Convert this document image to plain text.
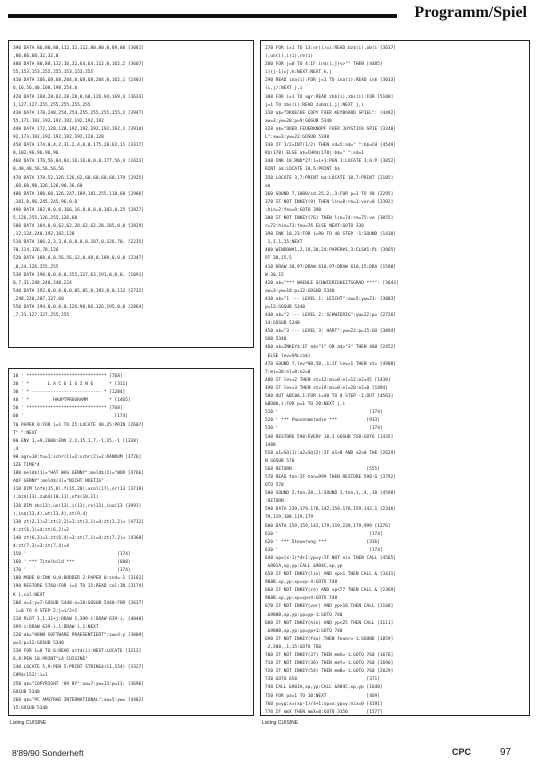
Programm/Spiel
390 DATA 86,80,80,112,32,112,80,80,0,89,80 [3081]
,80,80,60,32,32,0
400 DATA 80,80,112,16,32,64,64,112,0,165,2 [3607]
55,153,153,255,255,153,153,255
410 DATA 166,68,68,204,0,68,68,204,0,165,1 [2483]
6,16,56,40,108,198,254,0
420 DATA 168,28,62,28,28,8,60,126,94,169,3 [3633]
1,127,127,255,255,255,255,255
430 DATA 170,248,254,254,255,255,255,255,2 [3947]
55,171,192,192,192,192,192,192,192
440 DATA 172,128,128,192,192,192,192,192,1 [3914]
92,173,192,192,192,192,192,128,128
450 DATA 174,0,4,2,31,2,4,0,0,175,28,62,11 [3317]
8,102,96,96,96,96
460 DATA 176,56,84,84,16,16,0,0,0,177,56,4 [1623]
0,40,40,56,56,56,56
470 DATA 178,52,126,126,62,60,60,60,60,179 [2925]
,60,60,90,126,126,90,36,60
480 DATA 180,60,126,247,189,181,255,118,60 [2906]
,181,0,96,245,245,96,0,0
490 DATA 182,0,0,0,166,16,8,0,0,0,183,0,25 [2827]
5,126,255,126,255,126,60
500 DATA 184,0,0,62,62,28,62,62,28,185,0,0 [2829]
,12,124,248,192,192,120
510 DATA 186,2,3,3,0,0,0,0,0,187,0,126,70, [2235]
70,114,126,78,126
520 DATA 188,0,0,56,56,12,0,48,0,189,0,0,0 [2347]
,0,24,126,255,255
530 DATA 190,0,0,0,0,255,127,63,191,0,0,0, [1091]
0,7,31,248,240,240,224
540 DATA 192,0,0,0,0,0,85,85,0,193,0,0,112 [2732]
,248,220,207,127,60
550 DATA 194,0,0,0,0,126,90,86,126,195,0,0 [2864]
,7,31,127,127,255,255
10 ' ****************************** [768]
20 ' *       L A C U I S I N E      * [311]
30 ' * -------------------------- * [1284]
40 ' *         HAUPTPROGRAMM        * [1465]
50 ' ****************************** [768]
60 '                                  [174]
70 PAPER 0:FOR i=1 TO 25:LOCATE 40,25:PRIN [2607]
T" ":NEXT
80 ENV 1,=9,2000:ENV 2,2,15,1,7,-1,15,-1 [1338]
,4
90 agr=10:tu=1:schr(1)=2:schr(2)=2:RANDOM [3726]
IZE TIME*4
100 meld$(1)="HAT WAS GENNY":meld$(2)="WOR [4766]
AUF GENNY":meld$(3)="NICHT NOETIG"
110 DIM lnf$(15,8),f(15,20),xcol(17),nr(13 [3719]
),bz$(13),zub$(10,11),of$(10,11)
120 DIM zb(13),un(13),i(13),re(13),ina(13 [3991]
),in$(13,4),wt(13,4),zt(9,4)
130 zt(2,1)=2:zt(2,2)=1:zt(3,1)=4:zt(3,2)= [4712]
4:zt(6,1)=4:zt(6,2)=2
140 zt(6,3)=1:zt(6,4)=3:zt(7,1)=4:zt(7,2)= [4360]
4:zt(7,3)=3:zt(7,4)=4
150 '                                  [174]
160 ' *** Titelbild ***                [600]
170 '                                  [174]
180 MODE 0:INK 0,0:BORDER 2:PAPER 0:snd=-1 [3161]
190 RESTORE 5760:FOR i=1 TO 15:READ col:IN [3174]
K i,col:NEXT
200 x=3:y=7:GOSUB 5440:x=18:GOSUB 5440:FOR [3637]
i=0 TO 4 STEP 2:j=i/2+1
210 PLOT 1,1,11+j:DRAW 1,399-i:DRAW 639-i, [4040]
399-i:DRAW 639-i,1:DRAW i,1:NEXT
220 a$="HOHN SOFTWARE PRAESENTIERT":xw=4:y [3009]
w=3:p=12:GOSUB 5340
230 FOR i=0 TO 6:READ urt$(i):NEXT:LOCATE [3213]
6,8:PEN 10:PRINT"LA CUISINE"
240 LOCATE 5,9:PEN 5:PRINT STRING$(11,154) [3327]
CHR$(152):i=1
250 a$="COPYRIGHT '89 BY":xw=7:yw=13:p=13: [3696]
GOSUB 5340
260 a$="PC AMSTRAD INTERNATIONAL":xw=5:yw= [4402]
15:GOSUB 5340
Listing CUISINE
270 FOR i=1 TO 13:nr(i)=i:READ bz$(i),ob(i [3637]
),un(i),i(i),re(i)
280 FOR j=0 TO 4:IF in$(i,j)<>"" THEN [4485]
i)(j-1)=j,k:NEXT:NEXT k,j
290 READ ina(i):FOR j=1 TO ina(i):READ in$ [3013]
(i,j):NEXT j,i
300 FOR i=1 TO agr:READ zb$(i),zbs(i):FOR [5108]
j=1 TO zbs(i):READ zub$(i,j):NEXT j,i
310 a$="DRUECKE COPY FUER KEYBOARD SPIEL": [4492]
xw=3:yw=20:p=9:GOSUB 5340
320 a$="ODER FEUERKNOPF FUER JOYSTICK SPIE [3248]
L":xw=3:yw=22:GOSUB 5340
330 IF 1/2=INT(1/2) THEN sd=5:a$=" ":b$=CH [4549]
R$(178) ELSE a$=CHR$(178):b$=" ":sd=1
340 INK 10,RND*27:i=i+1:PEN 1:LOCATE 3,6:P [3052]
RINT a$:LOCATE 18,6:PRINT b$
350 LOCATE 3,7:PRINT b$:LOCATE 18,7:PRINT [2105]
a$
360 SOUND 7,1000/sd,25,2,,3:FOR p=1 TO 40 [2295]
370 IF NOT INKEY(9) THEN lin=8:re=1:vor=0 [2392]
:hin=2:feu=9:GOTO 390
380 IF NOT INKEY(76) THEN lin=74:re=75:vo [3055]
r=72:hin=73:feu=76 ELSE NEXT:GOTO 330
390 INK 10,23:FOR i=90 TO 40 STEP -1:SOUND [1430]
1,1,1,15:NEXT
400 WINDOW#1,2,19,20,24:PAPER#1,3:CLS#1:PL [3965]
OT 30,15,5
410 DRAW 30,97:DRAW 610,97:DRAW 610,15:DRA [1590]
W 30,15
420 a$="*** WAEHLE SCHWIERIGKEITSGRAD ***": [3643]
xw=3:yw=18:p=12:GOSUB 5340
430 a$="1 --- LEVEL 1: LEICHT":xw=5:yw=21: [3083]
p=13:GOSUB 5340
440 a$="2 --- LEVEL 2: SCHWIERIG":yw=22:p= [2726]
14:GOSUB 5340
450 a$="3 --- LEVEL 3: HART":yw=23:p=15:GO [3094]
SUB 5340
460 a$=INKEY$:IF a$<"1" OR a$>"3" THEN 460 [2452]
ELSE lev=VAL(a$)
470 SOUND 7,lev*80,50,,1:IF lev=1 THEN st= [4988]
7:mi=30:el=8:e2=0
480 IF lev=2 THEN st=12:mi=0:el=12:e2=45 [1430]
490 IF lev=3 THEN st=19:mi=0:el=20:e2=0 [1494]
500 OUT &BC00,1:FOR i=40 TO 0 STEP -1:OUT [4563]
&BD00,i:FOR p=1 TO 20:NEXT j,i
510 '                                  [174]
520 ' *** Pausenmelodie ***           [933]
530 '                                  [174]
540 RESTORE 590:EVERY 10,1 GOSUB 550:GOTO [1435]
1400
550 a1=SQ(1):a2=SQ(2):IF a1>0 AND a2>0 THE [2629]
N GOSUB 570
560 RETURN                            [555]
570 READ ton:IF ton=999 THEN RESTORE 590:G [3792]
OTO 570
580 SOUND 2,ton,20,,1:SOUND 1,ton,1,,4,,10 [4598]
:RETURN
590 DATA 239,179,178,142,159,178,159,142,1 [2346]
79,119,108,119,179
600 DATA 159,159,142,179,119,239,179,999 [1276]
610 '                                  [174]
620 ' *** Steuerung ***               [336]
630 '                                  [174]
640 xp=(x-1)*4+1:yp=y:IF NOT nix THEN CALL [4565]
&901A,xp,yp:CALL &904C,xp,yp
650 IF NOT INKEY(lin) AND xp>1 THEN CALL & [3411]
908B,xp,yp:xp=xp-4:GOTO 740
660 IF NOT INKEY(re) AND xp<77 THEN CALL & [2369]
908B,xp,yp:xp=xp+4:GOTO 740
670 IF NOT INKEY(vor) AND yp>10 THEN CALL [3168]
&908B,xp,yp:yp=yp-1:GOTO 740
680 IF NOT INKEY(hin) AND yp<25 THEN CALL [3111]
&908B,xp,yp:yp=yp+1:GOTO 740
690 IF NOT INKEY(feu) THEN feuer=-1:SOUND [1859]
2,200,,1,15:GOTO 760
700 IF NOT INKEY(37) THEN mmX=-1:GOTO 760 [1676]
710 IF NOT INKEY(36) THEN mmY=-1:GOTO 760 [1696]
720 IF NOT INKEY(54) THEN mmB=-1:GOTO 760 [2029]
730 GOTO 650                          [371]
740 CALL &901A,xp,yp:CALL &904C,xp,yp [1640]
750 FOR pa=1 TO 10:NEXT               [469]
760 y=yp:x=(xp-1)/4+1:xp=x:yp=y:nix=0 [4191]
770 IF mmX THEN mmX=0:GOTO 3150       [1577]
Listing CUISINE
8'89/90 Sonderheft	CPC	97
